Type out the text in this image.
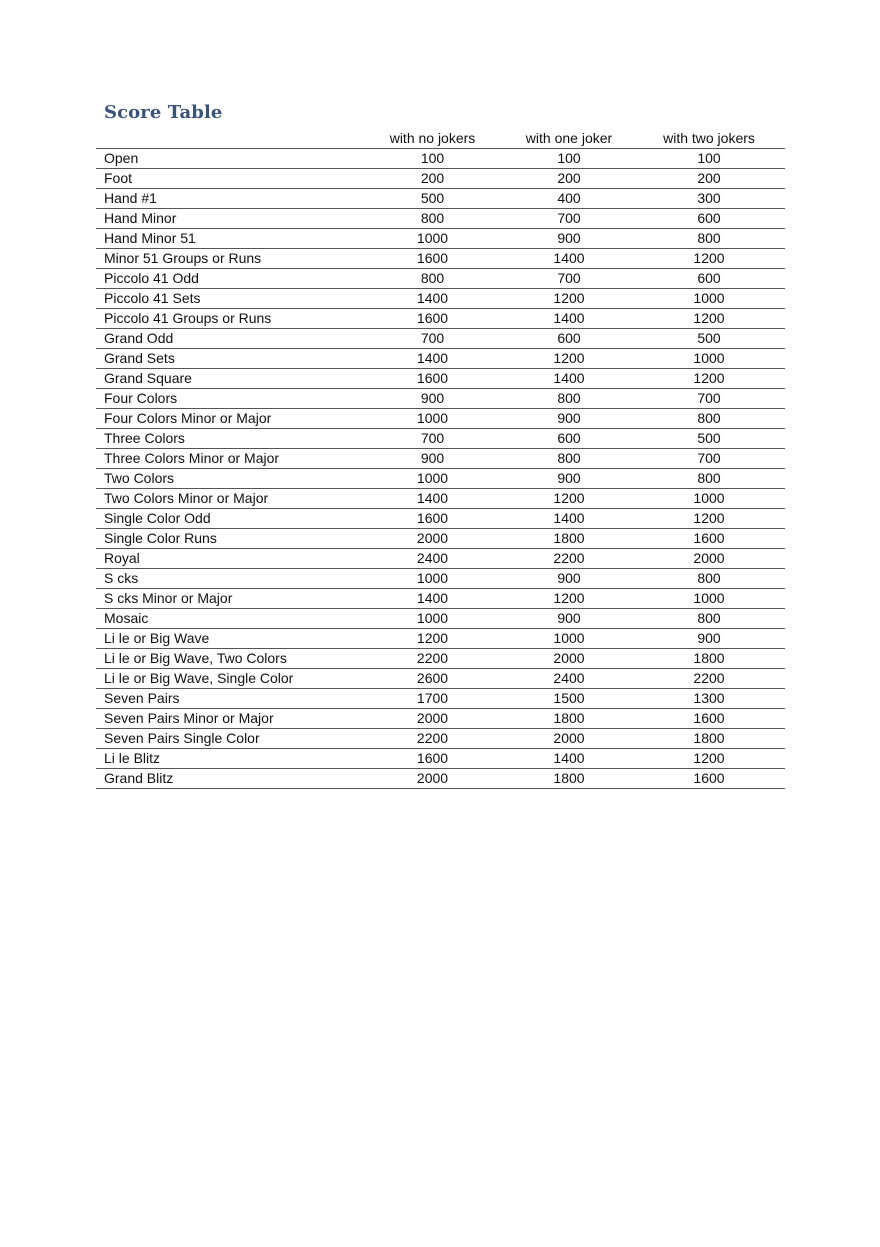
Score Table
	with no jokers	with one joker	with two jokers
Open	100	100	100
Foot	200	200	200
Hand #1	500	400	300
Hand Minor	800	700	600
Hand Minor 51	1000	900	800
Minor 51 Groups or Runs	1600	1400	1200
Piccolo 41 Odd	800	700	600
Piccolo 41 Sets	1400	1200	1000
Piccolo 41 Groups or Runs	1600	1400	1200
Grand Odd	700	600	500
Grand Sets	1400	1200	1000
Grand Square	1600	1400	1200
Four Colors	900	800	700
Four Colors Minor or Major	1000	900	800
Three Colors	700	600	500
Three Colors Minor or Major	900	800	700
Two Colors	1000	900	800
Two Colors Minor or Major	1400	1200	1000
Single Color Odd	1600	1400	1200
Single Color Runs	2000	1800	1600
Royal	2400	2200	2000
S cks	1000	900	800
S cks Minor or Major	1400	1200	1000
Mosaic	1000	900	800
Li le or Big Wave	1200	1000	900
Li le or Big Wave, Two Colors	2200	2000	1800
Li le or Big Wave, Single Color	2600	2400	2200
Seven Pairs	1700	1500	1300
Seven Pairs Minor or Major	2000	1800	1600
Seven Pairs Single Color	2200	2000	1800
Li le Blitz	1600	1400	1200
Grand Blitz	2000	1800	1600
